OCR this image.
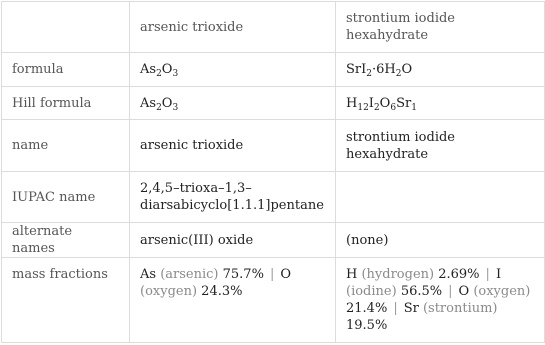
	arsenic trioxide	strontium iodide hexahydrate
formula	$As_2O_3$	$SrI_2\cdot 6H_2O$
Hill formula	$As_2O_3$	$H_{12}I_2O_6Sr_1$
name	arsenic trioxide	strontium iodide hexahydrate
IUPAC name	2,4,5–trioxa–1,3–diarsabicyclo[1.1.1]pentane	
alternate names	arsenic(III) oxide	(none)
mass fractions	As (arsenic) 75.7% | O (oxygen) 24.3%	H (hydrogen) 2.69% | I (iodine) 56.5% | O (oxygen) 21.4% | Sr (strontium) 19.5%
